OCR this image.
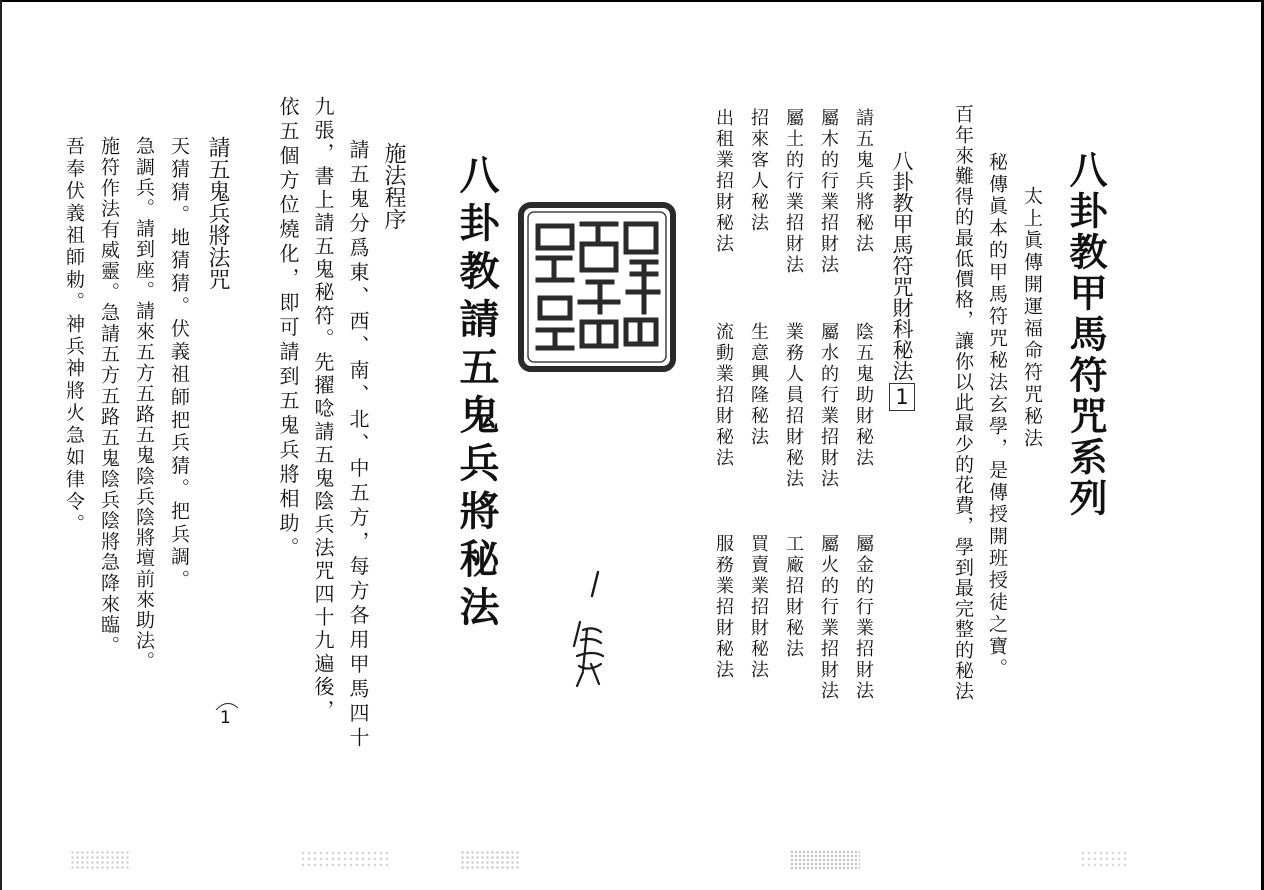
八卦教甲馬符咒系列
太上眞傳開運福命符咒秘法
秘傳眞本的甲馬符咒秘法玄學，是傳授開班授徒之寶。
百年來難得的最低價格，讓你以此最少的花費，學到最完整的秘法
八卦教甲馬符咒財科秘法1
請五鬼兵將秘法
陰五鬼助財秘法
屬金的行業招財法
屬木的行業招財法
屬水的行業招財法
屬火的行業招財法
屬土的行業招財法
業務人員招財秘法
工廠招財秘法
招來客人秘法
生意興隆秘法
買賣業招財秘法
出租業招財秘法
流動業招財秘法
服務業招財秘法
八卦教請五鬼兵將秘法
施法程序
請五鬼分爲東、西、南、北、中五方，每方各用甲馬四十
九張，書上請五鬼秘符。先擢唸請五鬼陰兵法咒四十九遍後，
依五個方位燒化，即可請到五鬼兵將相助。
請五鬼兵將法咒
天猜猜。地猜猜。伏義祖師把兵猜。把兵調。
急調兵。請到座。請來五方五路五鬼陰兵陰將壇前來助法。
施符作法有威靈。急請五方五路五鬼陰兵陰將急降來臨。
吾奉伏義祖師勅。神兵神將火急如律令。
1
